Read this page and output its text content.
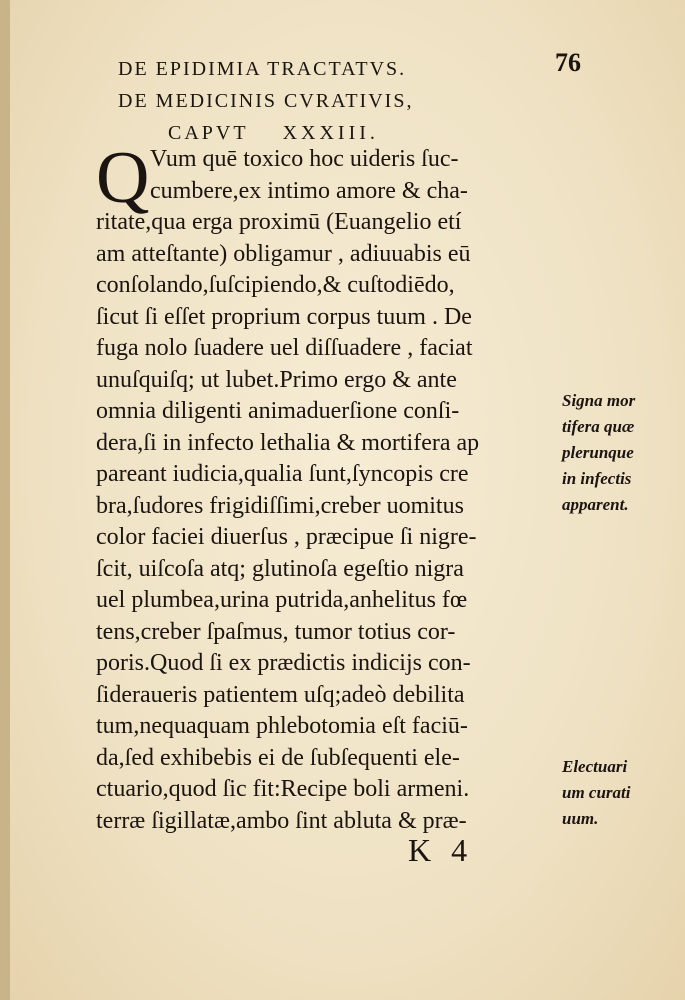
DE EPIDIMIA TRACTATVS.
DE MEDICINIS CVRATIVIS,
CAPVT XXXIII.
76
Q Vum quē toxico hoc uideris ſuc-
cumbere,ex intimo amore & cha-
ritate,qua erga proximū (Euangelio etí
am atteſtante) obligamur , adiuuabis eū
conſolando,ſuſcipiendo,& cuſtodiēdo,
ſicut ſi eſſet proprium corpus tuum . De
fuga nolo ſuadere uel diſſuadere , faciat
unuſquiſq; ut lubet.Primo ergo & ante
omnia diligenti animaduerſione conſi-
dera,ſi in infecto lethalia & mortifera ap
pareant iudicia,qualia ſunt,ſyncopis cre
bra,ſudores frigidiſſimi,creber uomitus
color faciei diuerſus , præcipue ſi nigre-
ſcit, uiſcoſa atq; glutinoſa egeſtio nigra
uel plumbea,urina putrida,anhelitus fœ
tens,creber ſpaſmus, tumor totius cor-
poris.Quod ſi ex prædictis indicijs con-
ſideraueris patientem uſq;adeò debilita
tum,nequaquam phlebotomia eſt faciū-
da,ſed exhibebis ei de ſubſequenti ele-
ctuario,quod ſic fit:Recipe boli armeni.
terræ ſigillatæ,ambo ſint abluta & præ-
K 4
Signa mor
tifera quæ
plerunque
in infectis
apparent.
Electuari
um curati
uum.
